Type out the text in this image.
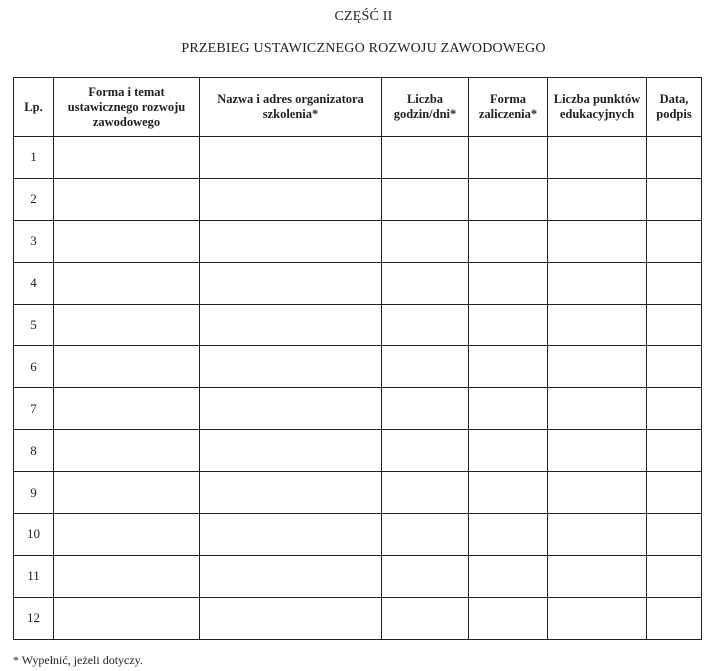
CZĘŚĆ II
PRZEBIEG USTAWICZNEGO ROZWOJU ZAWODOWEGO
Lp.	Forma i temat ustawicznego rozwoju zawodowego	Nazwa i adres organizatora szkolenia*	Liczba godzin/dni*	Forma zaliczenia*	Liczba punktów edukacyjnych	Data, podpis
1						
2						
3						
4						
5						
6						
7						
8						
9						
10						
11						
12						
* Wypełnić, jeżeli dotyczy.
